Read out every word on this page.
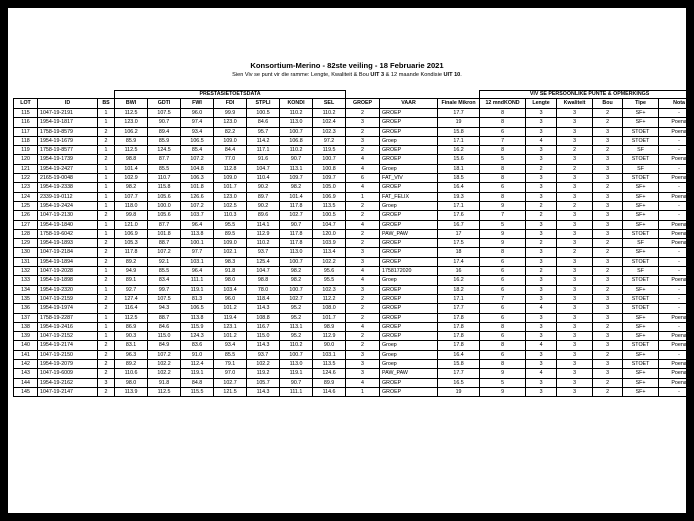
Konsortium-Merino - 82ste veiling - 18 Februarie 2021
Sien Viv se punt vir die ramme: Lengte, Kwaliteit & Bou UIT 3 & 12 maande Kondisie UIT 10.
			PRESTASIETOETSDATA										VIV SE PERSOONLIKE PUNTE & OPMERKINGS					
LOT	ID	BS	BWI	GDTI	FWI	FDI	STPLI	KONDI	SEL	GROEP	VAAR	Finale Mikron	12 mndKOND	Lengte	Kwaliteit	Bou	Tipe	Nota
115	1047-19-2191	1	112.5	107.5	96.0	99.9	100.5	110.2	110.2	2	GROEP	17.7	8	3	3	2	SF+	-
116	1954-19-1817	1	123.0	90.7	97.4	123.0	84.6	113.0	102.4	3	GROEP	19	8	3	3	2	SF+	Poena
117	1758-19-8579	2	106.2	89.4	93.4	82.2	95.7	100.7	102.3	2	GROEP	15.8	6	3	3	3	STOET	Poena
118	1954-19-1679	2	85.9	85.9	106.5	109.0	114.2	106.8	97.2	3	Groep	17.1	7	4	3	3	STOET	-
119	1758-19-8577	1	112.5	124.5	85.4	84.4	117.1	110.2	119.5	2	GROEP	16.2	8	3	2	2	SF	-
120	1954-19-1739	2	98.8	87.7	107.2	77.0	91.6	90.7	100.7	4	GROEP	15.6	5	3	3	3	STOET	Poena
121	1954-19-2427	1	101.4	85.5	104.8	112.8	104.7	113.1	100.8	4	Groep	18.1	8	2	2	3	SF	-
122	2165-19-0048	1	102.9	110.7	106.3	109.0	110.4	109.7	109.7	6	FAT_VIV	18.5	8	3	3	3	STOET	Poena
123	1954-19-2338	1	98.2	115.8	101.8	101.7	90.2	98.2	105.0	4	GROEP	16.4	6	3	3	2	SF+	-
124	2339-19-0112	1	107.7	105.6	126.6	123.0	89.7	101.4	106.9	1	FAT_FELIX	19.3	8	3	3	3	SF+	Poena
125	1954-19-2424	1	118.0	100.0	107.2	102.5	90.2	117.8	113.5	2	Groep	17.1	9	2	2	3	SF+	-
126	1047-19-2130	2	99.8	105.6	103.7	110.3	89.6	102.7	100.5	2	GROEP	17.6	7	2	3	3	SF+	-
127	1954-19-1840	1	121.0	87.7	96.4	95.5	114.1	90.7	104.7	4	GROEP	16.7	5	3	3	3	SF+	Poena
128	1758-19-6042	1	106.9	101.8	113.8	89.5	112.9	117.8	120.0	2	PAW_PAW	17	9	3	3	3	STOET	Poena
129	1954-19-1893	2	105.3	88.7	100.1	109.0	110.2	117.8	103.9	2	GROEP	17.5	9	2	3	2	SF	Poena
130	1047-19-2184	2	117.8	107.2	97.7	102.1	93.7	113.0	113.4	3	GROEP	18	8	3	2	2	SF+	-
131	1954-19-1894	2	89.2	92.1	103.1	98.3	125.4	100.7	102.2	3	GROEP	17.4	6	3	3	3	STOET	-
132	1047-19-2028	1	94.9	85.5	96.4	91.8	104.7	98.2	95.6	4	1758172020	16	6	2	3	2	SF	-
133	1954-19-1898	2	89.1	83.4	111.1	98.0	98.8	98.2	95.5	4	Groep	16.2	6	3	3	3	STOET	Poena
134	1954-19-2320	1	92.7	99.7	119.1	103.4	78.0	100.7	102.3	3	GROEP	18.2	6	3	3	2	SF+	-
135	1047-19-2159	2	127.4	107.5	81.3	96.0	118.4	102.7	112.2	2	GROEP	17.1	7	3	3	3	STOET	-
136	1954-19-1974	2	116.4	94.3	106.5	101.2	114.3	95.2	108.0	2	GROEP	17.7	6	4	3	3	STOET	-
137	1758-19-2287	1	112.5	88.7	113.8	119.4	108.8	95.2	101.7	2	GROEP	17.8	6	3	3	3	SF+	Poena
138	1954-19-2416	1	86.9	84.6	115.9	123.1	116.7	113.1	98.9	4	GROEP	17.8	8	3	3	2	SF+	-
139	1047-19-2152	1	90.3	115.0	124.3	101.2	115.0	95.2	112.9	2	GROEP	17.8	6	3	3	3	SF+	Poena
140	1954-19-2174	2	83.1	84.9	83.6	93.4	114.3	110.2	90.0	2	Groep	17.8	8	4	3	3	STOET	Poena
141	1047-19-2150	2	96.3	107.2	91.0	85.5	93.7	100.7	103.1	3	Groep	16.4	6	3	3	2	SF+	-
142	1954-19-2079	2	89.2	102.2	112.4	79.1	102.2	113.0	113.5	3	Groep	15.8	8	3	3	3	STOET	Poena
143	1047-19-6009	2	110.6	102.2	119.1	97.0	119.2	119.1	124.6	3	PAW_PAW	17.7	9	4	3	3	SF+	Poena
144	1954-19-2162	3	98.0	91.8	84.8	102.7	105.7	90.7	89.9	4	GROEP	16.5	5	3	3	2	SF+	Poena
145	1047-19-2147	2	113.9	112.5	115.5	121.5	114.3	111.1	114.6	1	GROEP	19	9	3	3	2	SF+	-
